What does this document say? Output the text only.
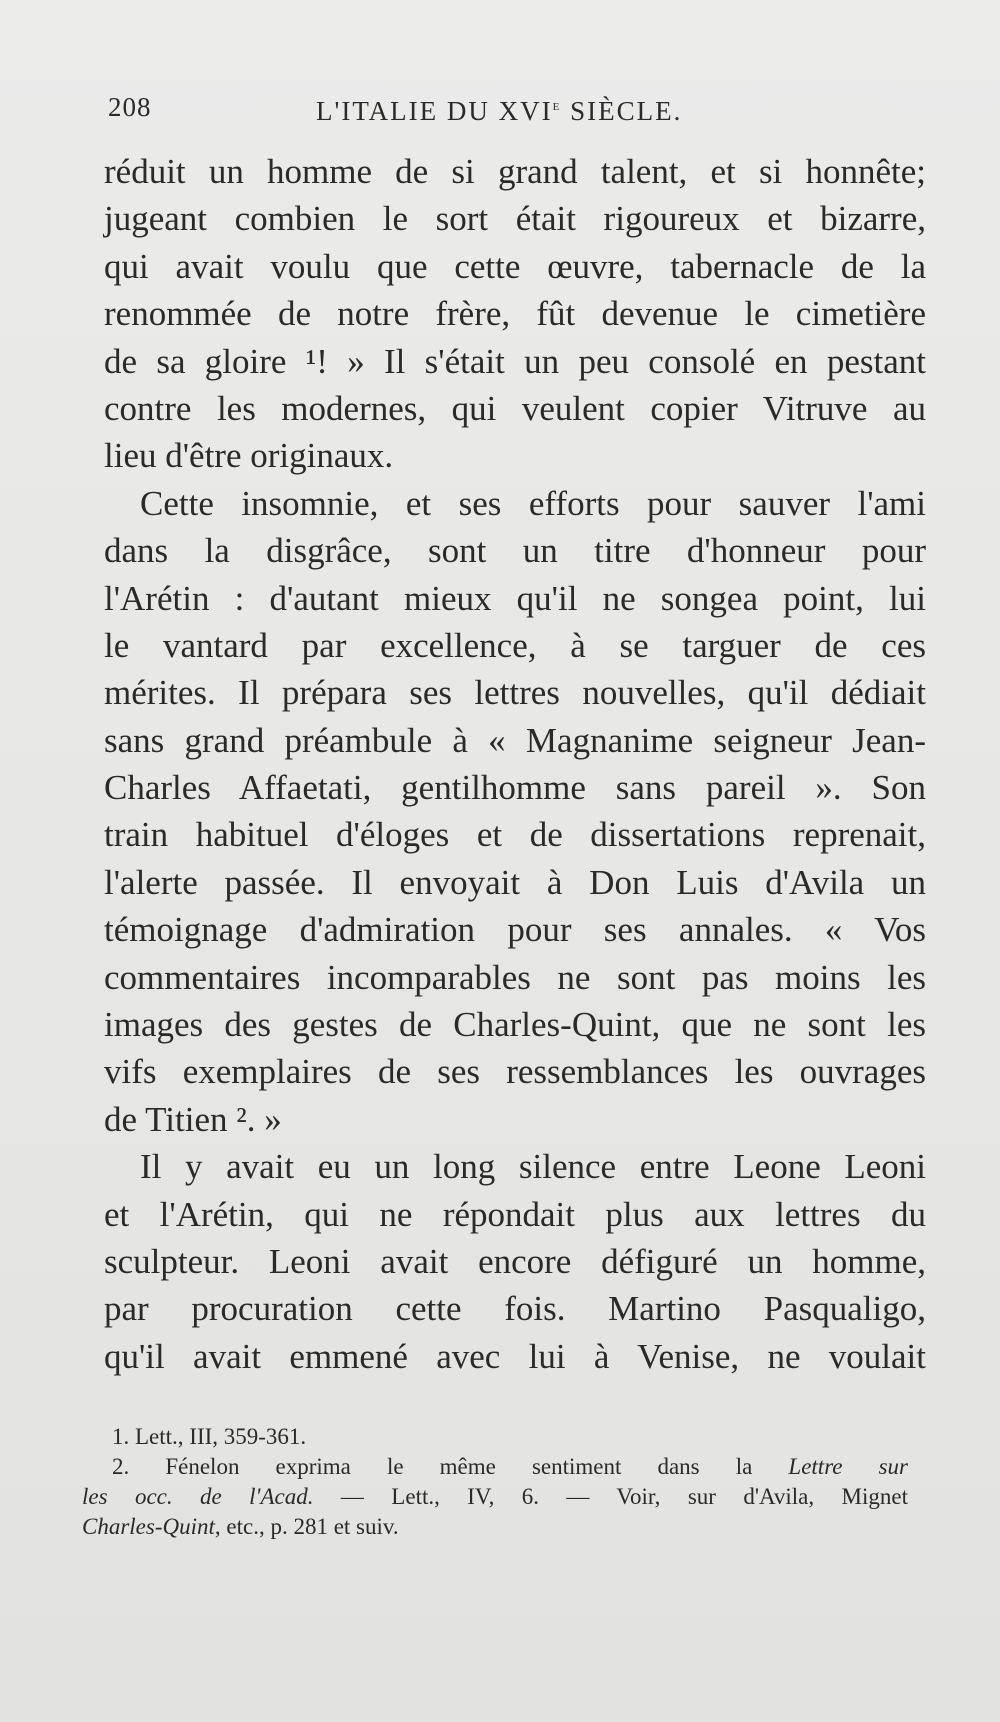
208	L'ITALIE DU XVIe SIÈCLE.
réduit un homme de si grand talent, et si honnête;
jugeant combien le sort était rigoureux et bizarre,
qui avait voulu que cette œuvre, tabernacle de la
renommée de notre frère, fût devenue le cimetière
de sa gloire ¹! » Il s'était un peu consolé en pestant
contre les modernes, qui veulent copier Vitruve au
lieu d'être originaux.
Cette insomnie, et ses efforts pour sauver l'ami
dans la disgrâce, sont un titre d'honneur pour
l'Arétin : d'autant mieux qu'il ne songea point, lui
le vantard par excellence, à se targuer de ces
mérites. Il prépara ses lettres nouvelles, qu'il dédiait
sans grand préambule à « Magnanime seigneur Jean-
Charles Affaetati, gentilhomme sans pareil ». Son
train habituel d'éloges et de dissertations reprenait,
l'alerte passée. Il envoyait à Don Luis d'Avila un
témoignage d'admiration pour ses annales. « Vos
commentaires incomparables ne sont pas moins les
images des gestes de Charles-Quint, que ne sont les
vifs exemplaires de ses ressemblances les ouvrages
de Titien ². »
Il y avait eu un long silence entre Leone Leoni
et l'Arétin, qui ne répondait plus aux lettres du
sculpteur. Leoni avait encore défiguré un homme,
par procuration cette fois. Martino Pasqualigo,
qu'il avait emmené avec lui à Venise, ne voulait
1. Lett., III, 359-361.
2. Fénelon exprima le même sentiment dans la Lettre sur
les occ. de l'Acad. — Lett., IV, 6. — Voir, sur d'Avila, Mignet
Charles-Quint, etc., p. 281 et suiv.
